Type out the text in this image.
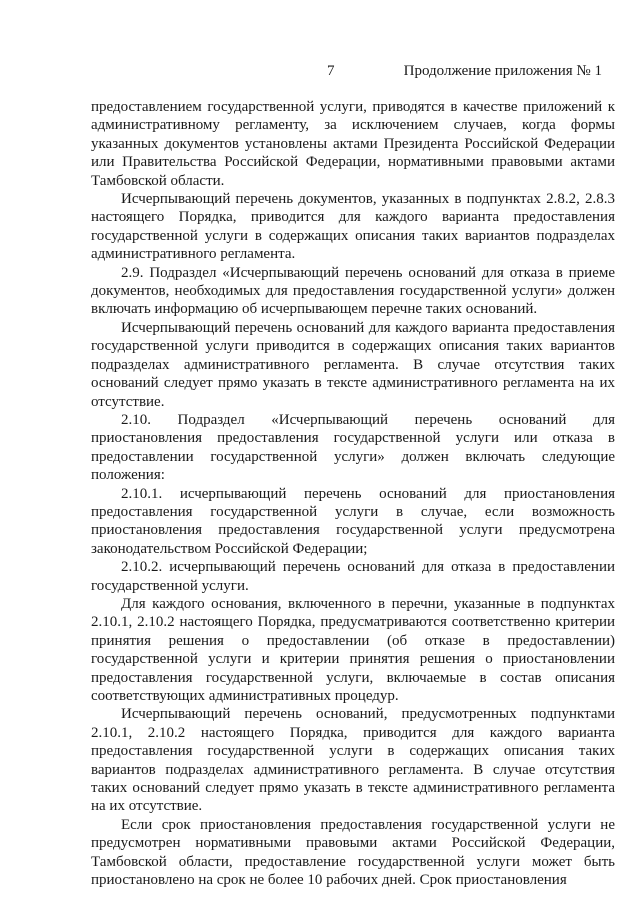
7	Продолжение приложения № 1

предоставлением государственной услуги, приводятся в качестве приложений к административному регламенту, за исключением случаев, когда формы указанных документов установлены актами Президента Российской Федерации или Правительства Российской Федерации, нормативными правовыми актами Тамбовской области.

Исчерпывающий перечень документов, указанных в подпунктах 2.8.2, 2.8.3 настоящего Порядка, приводится для каждого варианта предоставления государственной услуги в содержащих описания таких вариантов подразделах административного регламента.

2.9. Подраздел «Исчерпывающий перечень оснований для отказа в приеме документов, необходимых для предоставления государственной услуги» должен включать информацию об исчерпывающем перечне таких оснований.

Исчерпывающий перечень оснований для каждого варианта предоставления государственной услуги приводится в содержащих описания таких вариантов подразделах административного регламента. В случае отсутствия таких оснований следует прямо указать в тексте административного регламента на их отсутствие.

2.10. Подраздел «Исчерпывающий перечень оснований для приостановления предоставления государственной услуги или отказа в предоставлении государственной услуги» должен включать следующие положения:

2.10.1. исчерпывающий перечень оснований для приостановления предоставления государственной услуги в случае, если возможность приостановления предоставления государственной услуги предусмотрена законодательством Российской Федерации;

2.10.2. исчерпывающий перечень оснований для отказа в предоставлении государственной услуги.

Для каждого основания, включенного в перечни, указанные в подпунктах 2.10.1, 2.10.2 настоящего Порядка, предусматриваются соответственно критерии принятия решения о предоставлении (об отказе в предоставлении) государственной услуги и критерии принятия решения о приостановлении предоставления государственной услуги, включаемые в состав описания соответствующих административных процедур.

Исчерпывающий перечень оснований, предусмотренных подпунктами 2.10.1, 2.10.2 настоящего Порядка, приводится для каждого варианта предоставления государственной услуги в содержащих описания таких вариантов подразделах административного регламента. В случае отсутствия таких оснований следует прямо указать в тексте административного регламента на их отсутствие.

Если срок приостановления предоставления государственной услуги не предусмотрен нормативными правовыми актами Российской Федерации, Тамбовской области, предоставление государственной услуги может быть приостановлено на срок не более 10 рабочих дней. Срок приостановления
